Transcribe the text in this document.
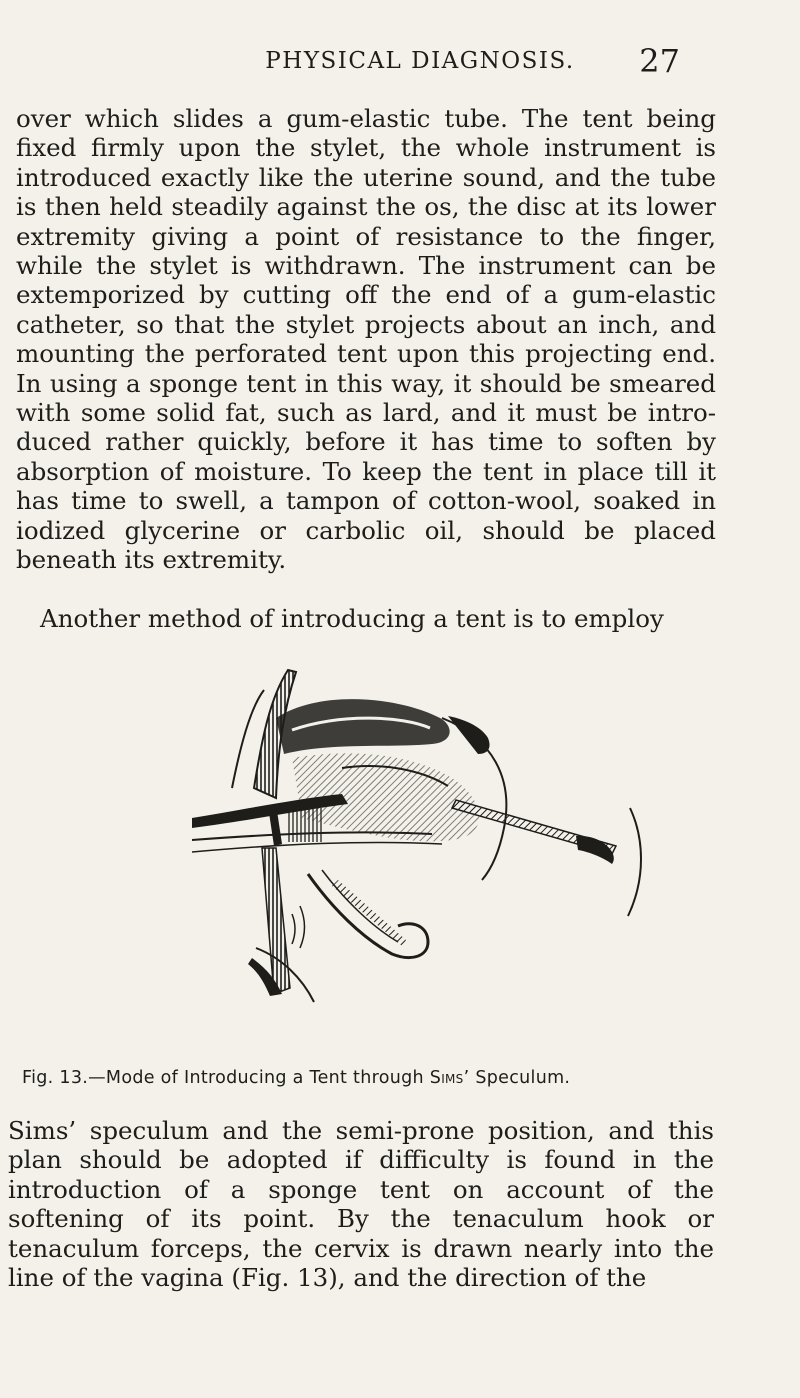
PHYSICAL DIAGNOSIS.	27

over which slides a gum-elastic tube. The tent being fixed firmly upon the stylet, the whole instrument is introduced exactly like the uterine sound, and the tube is then held steadily against the os, the disc at its lower extremity giving a point of resistance to the finger, while the stylet is withdrawn. The instrument can be extemporized by cutting off the end of a gum-elastic catheter, so that the stylet projects about an inch, and mounting the perforated tent upon this projecting end. In using a sponge tent in this way, it should be smeared with some solid fat, such as lard, and it must be intro-duced rather quickly, before it has time to soften by absorption of moisture. To keep the tent in place till it has time to swell, a tampon of cotton-wool, soaked in iodized glycerine or carbolic oil, should be placed beneath its extremity.

Another method of introducing a tent is to employ

Fig. 13.—Mode of Introducing a Tent through Sims’ Speculum.

Sims’ speculum and the semi-prone position, and this plan should be adopted if difficulty is found in the introduction of a sponge tent on account of the softening of its point. By the tenaculum hook or tenaculum forceps, the cervix is drawn nearly into the line of the vagina (Fig. 13), and the direction of the
